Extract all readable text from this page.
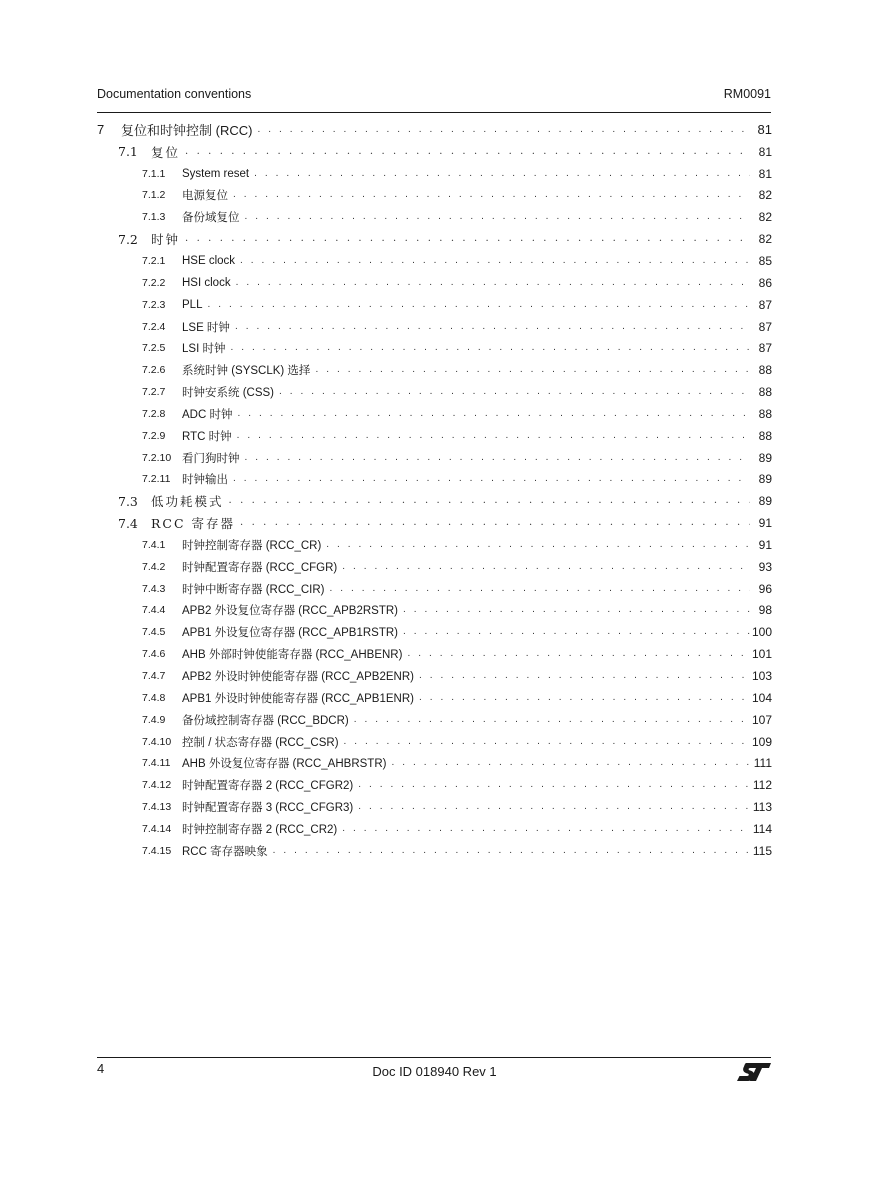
Documentation conventions	RM0091
7	复位和时钟控制 (RCC) . . .	81
7.1	复位 . . .	81
7.1.1	System reset . . .	81
7.1.2	电源复位 . . .	82
7.1.3	备份域复位 . . .	82
7.2	时钟 . . .	82
7.2.1	HSE clock . . .	85
7.2.2	HSI clock . . .	86
7.2.3	PLL . . .	87
7.2.4	LSE 时钟 . . .	87
7.2.5	LSI 时钟 . . .	87
7.2.6	系统时钟 (SYSCLK) 选择 . . .	88
7.2.7	时钟安系统 (CSS) . . .	88
7.2.8	ADC 时钟 . . .	88
7.2.9	RTC 时钟 . . .	88
7.2.10 看门狗时钟 . . .	89
7.2.11	时钟输出 . . .	89
7.3	低功耗模式 . . .	89
7.4	RCC 寄存器 . . .	91
7.4.1	时钟控制寄存器 (RCC_CR) . . .	91
7.4.2	时钟配置寄存器 (RCC_CFGR) . . .	93
7.4.3	时钟中断寄存器 (RCC_CIR) . . .	96
7.4.4	APB2 外设复位寄存器 (RCC_APB2RSTR) . . .	98
7.4.5	APB1 外设复位寄存器 (RCC_APB1RSTR) . . .	100
7.4.6	AHB 外部时钟使能寄存器 (RCC_AHBENR) . . .	101
7.4.7	APB2 外设时钟使能寄存器 (RCC_APB2ENR) . . .	103
7.4.8	APB1 外设时钟使能寄存器 (RCC_APB1ENR) . . .	104
7.4.9	备份域控制寄存器 (RCC_BDCR) . . .	107
7.4.10 控制 / 状态寄存器 (RCC_CSR) . . .	109
7.4.11	AHB 外设复位寄存器 (RCC_AHBRSTR) . . .	111
7.4.12 时钟配置寄存器 2 (RCC_CFGR2) . . .	112
7.4.13 时钟配置寄存器 3 (RCC_CFGR3) . . .	113
7.4.14 时钟控制寄存器 2 (RCC_CR2) . . .	114
7.4.15 RCC 寄存器映象 . . .	115
4	Doc ID 018940 Rev 1
